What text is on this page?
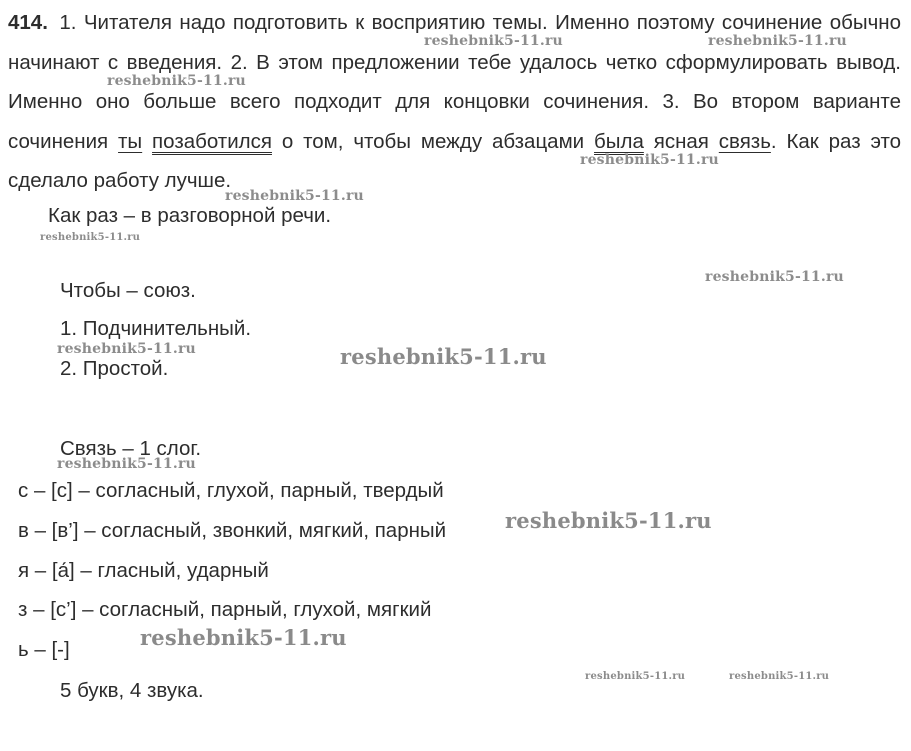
414. 1. Читателя надо подготовить к восприятию темы. Именно поэтому сочинение обычно начинают с введения. 2. В этом предложении тебе удалось четко сформулировать вывод. Именно оно больше всего подходит для концовки сочинения. 3. Во втором варианте сочинения ты позаботился о том, чтобы между абзацами была ясная связь. Как раз это сделало работу лучше.

Как раз – в разговорной речи.

Чтобы – союз.

1. Подчинительный.

2. Простой.

Связь – 1 слог.

с – [с] – согласный, глухой, парный, твердый

в – [в’] – согласный, звонкий, мягкий, парный

я – [а́] – гласный, ударный

з – [с’] – согласный, парный, глухой, мягкий

ь – [-]

5 букв, 4 звука.

reshebnik5-11.ru	reshebnik5-11.ru
reshebnik5-11.ru
reshebnik5-11.ru
reshebnik5-11.ru
reshebnik5-11.ru
reshebnik5-11.ru
reshebnik5-11.ru	reshebnik5-11.ru
reshebnik5-11.ru
reshebnik5-11.ru
reshebnik5-11.ru
reshebnik5-11.ru	reshebnik5-11.ru
